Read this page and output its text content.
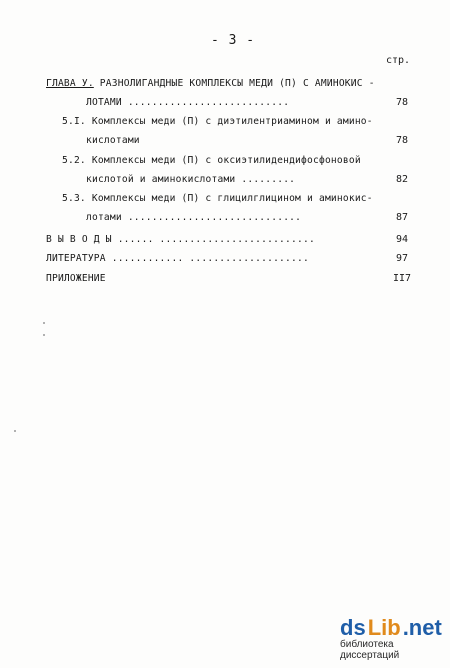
- 3 -
стр.
ГЛАВА У. РАЗНОЛИГАНДНЫЕ КОМПЛЕКСЫ МЕДИ (П) С АМИНОКИС -
ЛОТАМИ ...........................	78
5.I. Комплексы меди (П) с диэтилентриамином и амино-
кислотами	78
5.2. Комплексы меди (П) с оксиэтилидендифосфоновой
кислотой и аминокислотами .........	82
5.3. Комплексы меди (П) с глицилглицином и аминокис-
лотами .............................	87
В Ы В О Д Ы ...... ..........................	94
ЛИТЕРАТУРА ............ ....................	97
ПРИЛОЖЕНИЕ	II7
ds Lib .net
библиотека диссертаций
